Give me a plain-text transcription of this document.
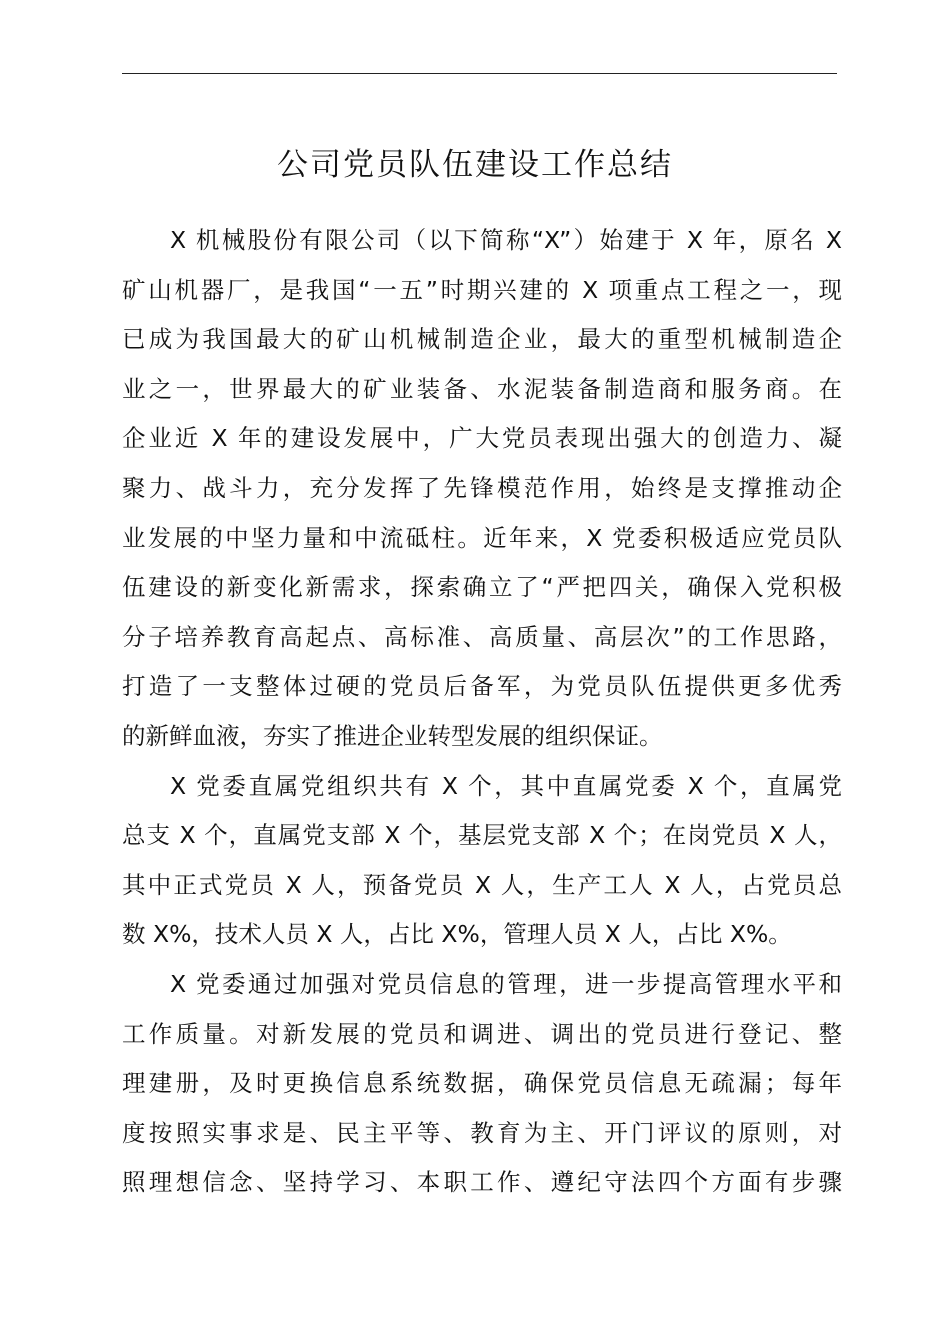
公司党员队伍建设工作总结
X 机械股份有限公司（以下简称“X”）始建于 X 年，原名 X
矿山机器厂，是我国“一五”时期兴建的 X 项重点工程之一，现
已成为我国最大的矿山机械制造企业，最大的重型机械制造企
业之一，世界最大的矿业装备、水泥装备制造商和服务商。在
企业近 X 年的建设发展中，广大党员表现出强大的创造力、凝
聚力、战斗力，充分发挥了先锋模范作用，始终是支撑推动企
业发展的中坚力量和中流砥柱。近年来，X 党委积极适应党员队
伍建设的新变化新需求，探索确立了“严把四关，确保入党积极
分子培养教育高起点、高标准、高质量、高层次”的工作思路，
打造了一支整体过硬的党员后备军，为党员队伍提供更多优秀
的新鲜血液，夯实了推进企业转型发展的组织保证。
X 党委直属党组织共有 X 个，其中直属党委 X 个，直属党
总支 X 个，直属党支部 X 个，基层党支部 X 个；在岗党员 X 人，
其中正式党员 X 人，预备党员 X 人，生产工人 X 人，占党员总
数 X%，技术人员 X 人，占比 X%，管理人员 X 人，占比 X%。
X 党委通过加强对党员信息的管理，进一步提高管理水平和
工作质量。对新发展的党员和调进、调出的党员进行登记、整
理建册，及时更换信息系统数据，确保党员信息无疏漏；每年
度按照实事求是、民主平等、教育为主、开门评议的原则，对
照理想信念、坚持学习、本职工作、遵纪守法四个方面有步骤
